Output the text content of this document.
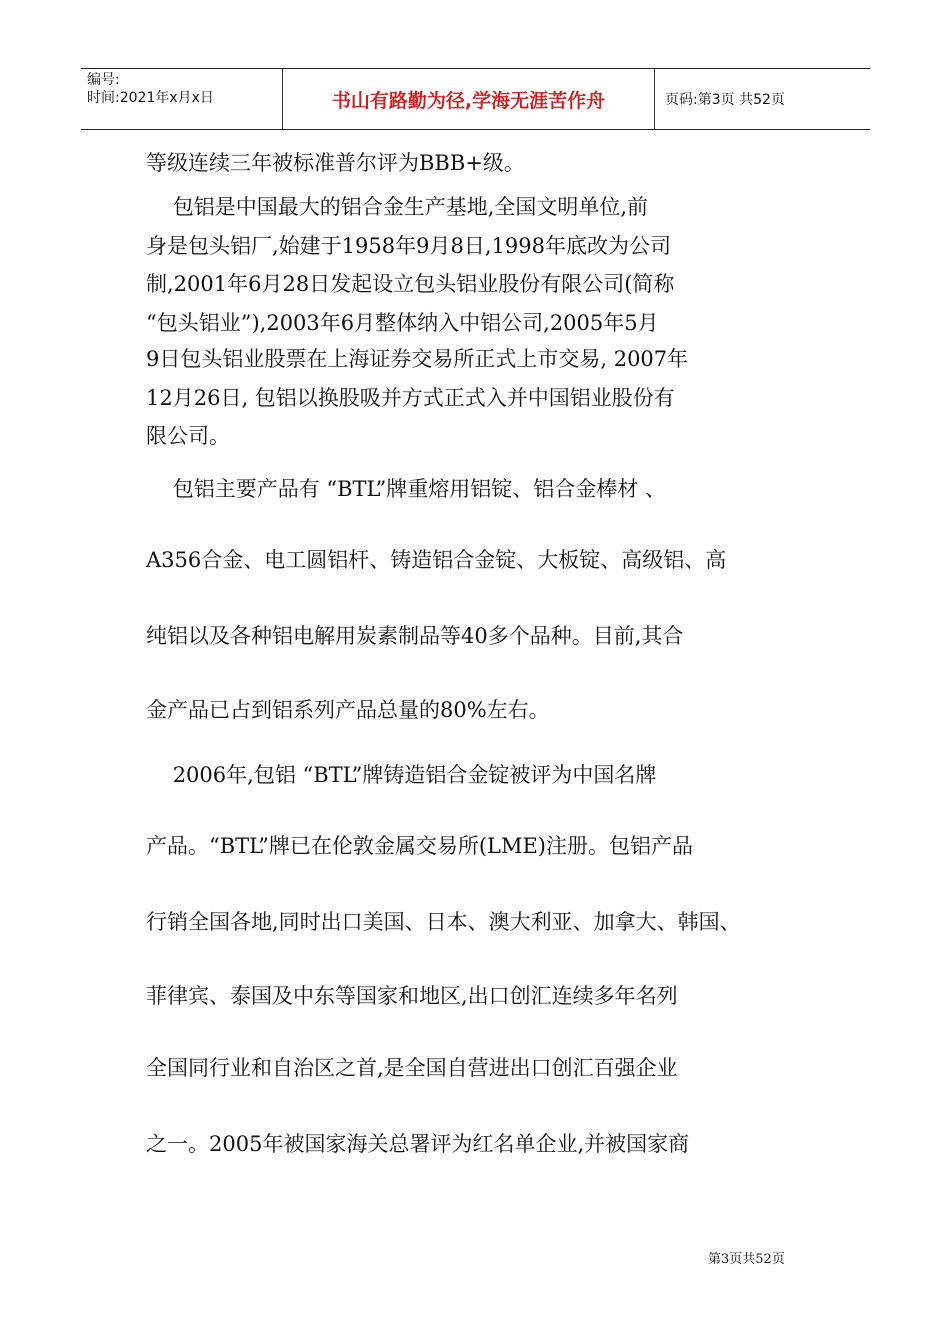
编号:
时间:2021年x月x日	书山有路勤为径,学海无涯苦作舟	页码:第3页 共52页
等级连续三年被标准普尔评为BBB+级。
包铝是中国最大的铝合金生产基地,全国文明单位,前
身是包头铝厂,始建于1958年9月8日,1998年底改为公司
制,2001年6月28日发起设立包头铝业股份有限公司(简称
“包头铝业”),2003年6月整体纳入中铝公司,2005年5月
9日包头铝业股票在上海证券交易所正式上市交易, 2007年
12月26日, 包铝以换股吸并方式正式入并中国铝业股份有
限公司。
包铝主要产品有 “BTL”牌重熔用铝锭、铝合金棒材 、
A356合金、电工圆铝杆、铸造铝合金锭、大板锭、高级铝、高
纯铝以及各种铝电解用炭素制品等40多个品种。目前,其合
金产品已占到铝系列产品总量的80%左右。
2006年,包铝 “BTL”牌铸造铝合金锭被评为中国名牌
产品。“BTL”牌已在伦敦金属交易所(LME)注册。包铝产品
行销全国各地,同时出口美国、日本、澳大利亚、加拿大、韩国、
菲律宾、泰国及中东等国家和地区,出口创汇连续多年名列
全国同行业和自治区之首,是全国自营进出口创汇百强企业
之一。2005年被国家海关总署评为红名单企业,并被国家商
第3页共52页
